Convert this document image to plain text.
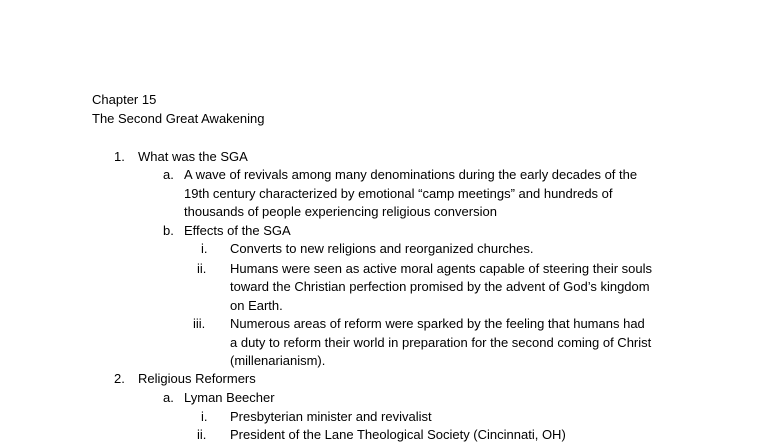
Chapter 15
The Second Great Awakening
1. What was the SGA
a. A wave of revivals among many denominations during the early decades of the
19th century characterized by emotional “camp meetings” and hundreds of
thousands of people experiencing religious conversion
b. Effects of the SGA
i. Converts to new religions and reorganized churches.
ii. Humans were seen as active moral agents capable of steering their souls
toward the Christian perfection promised by the advent of God’s kingdom
on Earth.
iii. Numerous areas of reform were sparked by the feeling that humans had
a duty to reform their world in preparation for the second coming of Christ
(millenarianism).
2. Religious Reformers
a. Lyman Beecher
i. Presbyterian minister and revivalist
ii. President of the Lane Theological Society (Cincinnati, OH)
